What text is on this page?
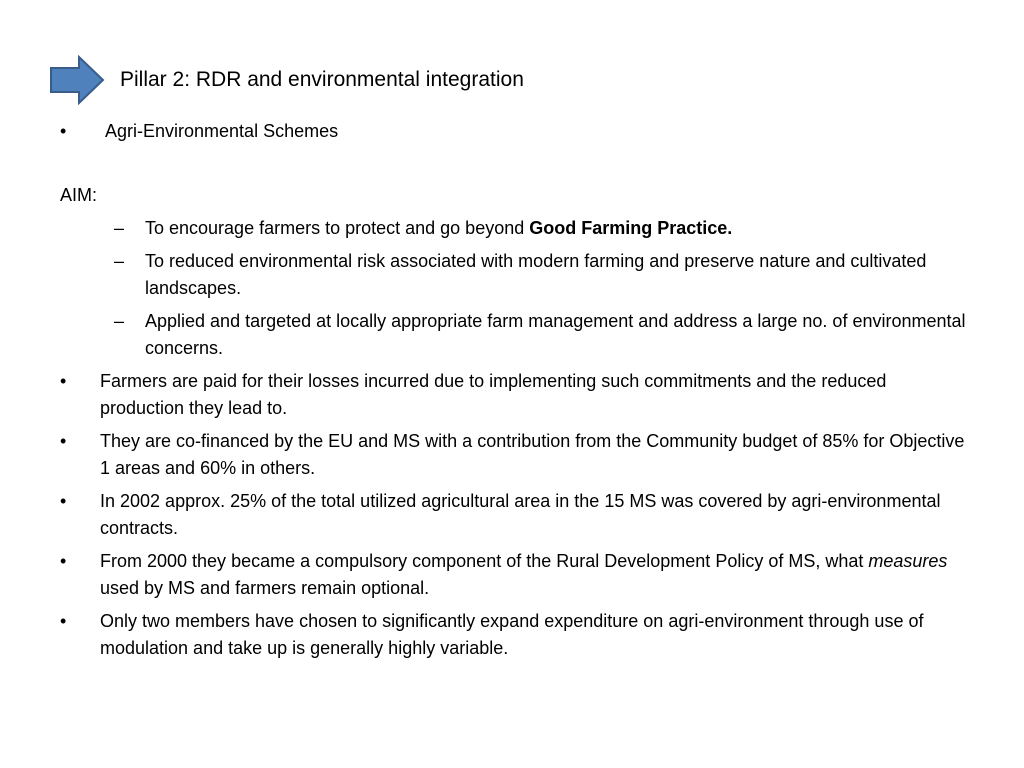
Pillar 2: RDR and environmental integration
• Agri-Environmental Schemes
AIM:
– To encourage farmers to protect and go beyond Good Farming Practice.
– To reduced environmental risk associated with modern farming and preserve nature and cultivated landscapes.
– Applied and targeted at locally appropriate farm management and address a large no. of environmental concerns.
• Farmers are paid for their losses incurred due to implementing such commitments and the reduced production they lead to.
• They are co-financed by the EU and MS with a contribution from the Community budget of 85% for Objective 1 areas and 60% in others.
• In 2002 approx. 25% of the total utilized agricultural area in the 15 MS was covered by agri-environmental contracts.
• From 2000 they became a compulsory component of the Rural Development Policy of MS, what measures used by MS and farmers remain optional.
• Only two members have chosen to significantly expand expenditure on agri-environment through use of modulation and take up is generally highly variable.
